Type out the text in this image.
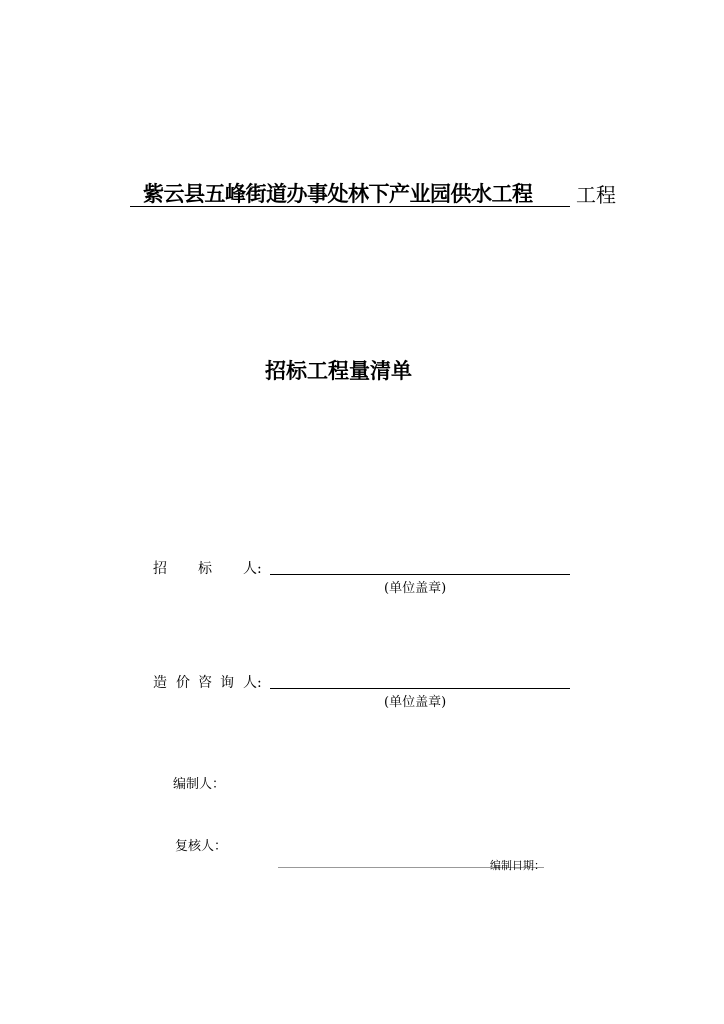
紫云县五峰街道办事处林下产业园供水工程 工程
招标工程量清单
招 标 人:
(单位盖章)
造 价 咨 询 人:
(单位盖章)
编制人：
复核人：
编制日期：
